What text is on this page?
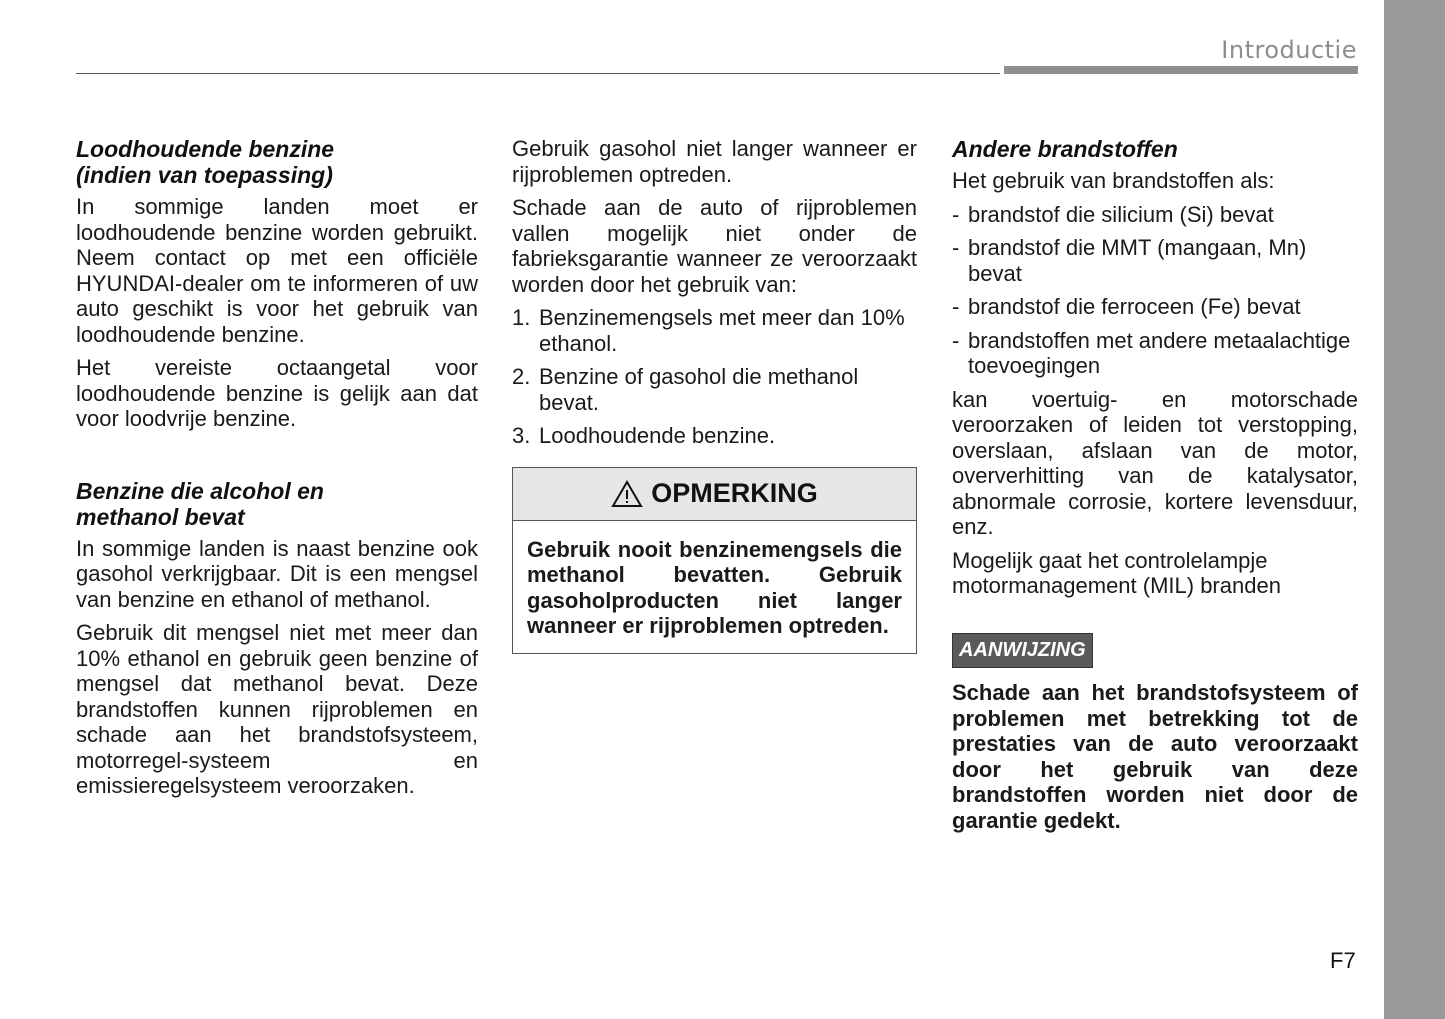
Introductie
Loodhoudende benzine
(indien van toepassing)

In sommige landen moet er loodhoudende benzine worden gebruikt. Neem contact op met een officiële HYUNDAI-dealer om te informeren of uw auto geschikt is voor het gebruik van loodhoudende benzine.

Het vereiste octaangetal voor loodhoudende benzine is gelijk aan dat voor loodvrije benzine.

Benzine die alcohol en
methanol bevat

In sommige landen is naast benzine ook gasohol verkrijgbaar. Dit is een mengsel van benzine en ethanol of methanol.

Gebruik dit mengsel niet met meer dan 10% ethanol en gebruik geen benzine of mengsel dat methanol bevat. Deze brandstoffen kunnen rijproblemen en schade aan het brandstofsysteem, motorregel-systeem en emissieregelsysteem veroorzaken.

Gebruik gasohol niet langer wanneer er rijproblemen optreden.

Schade aan de auto of rijproblemen vallen mogelijk niet onder de fabrieksgarantie wanneer ze veroorzaakt worden door het gebruik van:

1. Benzinemengsels met meer dan 10% ethanol.
2. Benzine of gasohol die methanol bevat.
3. Loodhoudende benzine.
OPMERKING
Gebruik nooit benzinemengsels die methanol bevatten. Gebruik gasoholproducten niet langer wanneer er rijproblemen optreden.
Andere brandstoffen

Het gebruik van brandstoffen als:

- brandstof die silicium (Si) bevat
- brandstof die MMT (mangaan, Mn) bevat
- brandstof die ferroceen (Fe) bevat
- brandstoffen met andere metaalachtige toevoegingen

kan voertuig- en motorschade veroorzaken of leiden tot verstopping, overslaan, afslaan van de motor, oververhitting van de katalysator, abnormale corrosie, kortere levensduur, enz.

Mogelijk gaat het controlelampje motormanagement (MIL) branden

AANWIJZING

Schade aan het brandstofsysteem of problemen met betrekking tot de prestaties van de auto veroorzaakt door het gebruik van deze brandstoffen worden niet door de garantie gedekt.

F7
